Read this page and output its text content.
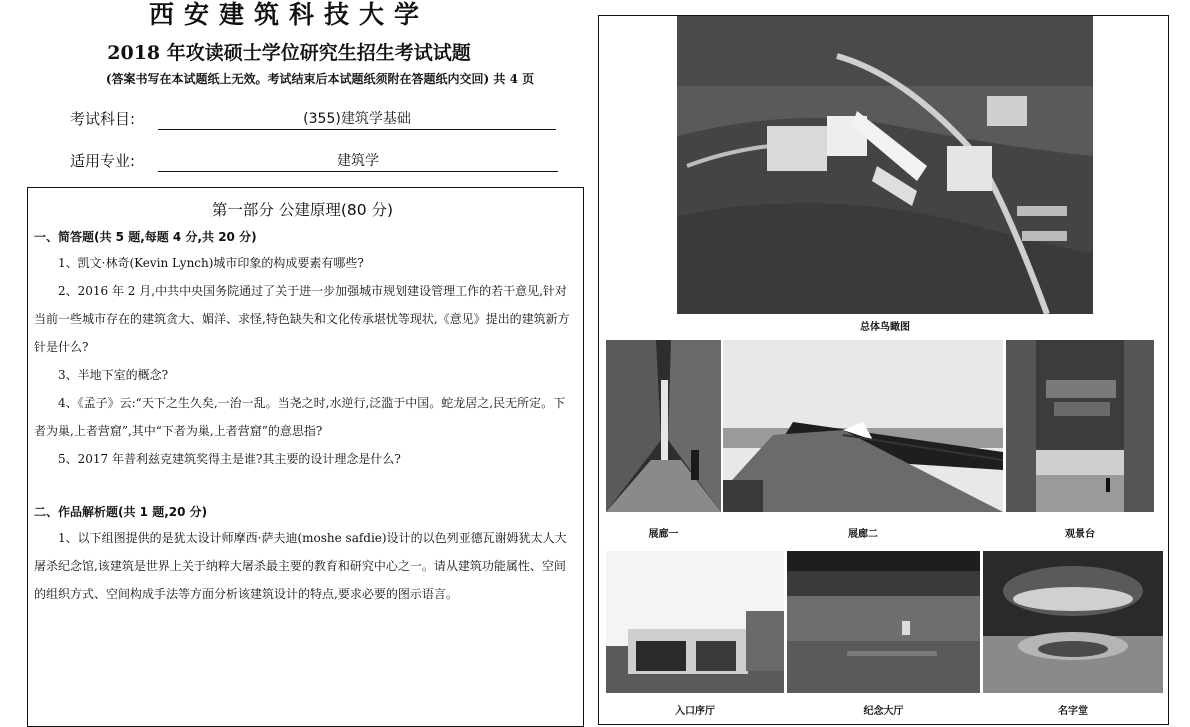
西安建筑科技大学
2018 年攻读硕士学位研究生招生考试试题
(答案书写在本试题纸上无效。考试结束后本试题纸须附在答题纸内交回) 共 4 页
考试科目:	(355)建筑学基础
适用专业:	建筑学
第一部分 公建原理(80 分)
一、简答题(共 5 题,每题 4 分,共 20 分)

1、凯文·林奇(Kevin Lynch)城市印象的构成要素有哪些?

2、2016 年 2 月,中共中央国务院通过了关于进一步加强城市规划建设管理工作的若干意见,针对当前一些城市存在的建筑贪大、媚洋、求怪,特色缺失和文化传承堪忧等现状,《意见》提出的建筑新方针是什么?

3、半地下室的概念?

4、《孟子》云:“天下之生久矣,一治一乱。当尧之时,水逆行,泛滥于中国。蛇龙居之,民无所定。下者为巢,上者营窟”,其中“下者为巢,上者营窟”的意思指?

5、2017 年普利兹克建筑奖得主是谁?其主要的设计理念是什么?

二、作品解析题(共 1 题,20 分)

1、以下组图提供的是犹太设计师摩西·萨夫迪(moshe safdie)设计的以色列亚德瓦谢姆犹太人大屠杀纪念馆,该建筑是世界上关于纳粹大屠杀最主要的教育和研究中心之一。请从建筑功能属性、空间的组织方式、空间构成手法等方面分析该建筑设计的特点,要求必要的图示语言。

总体鸟瞰图
展廊一	展廊二	观景台
入口序厅	纪念大厅	名字堂
